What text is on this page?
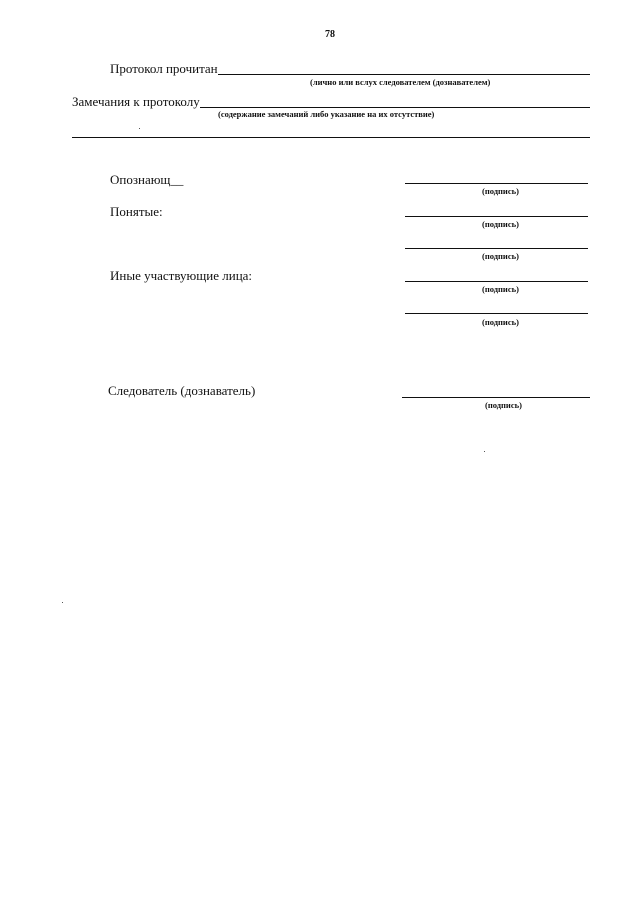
78
Протокол прочитан
(лично или вслух следователем (дознавателем)
Замечания к протоколу
(содержание замечаний либо указание на их отсутствие)
Опознающ__
(подпись)
Понятые:
(подпись)
(подпись)
Иные участвующие лица:
(подпись)
(подпись)
Следователь (дознаватель)
(подпись)
